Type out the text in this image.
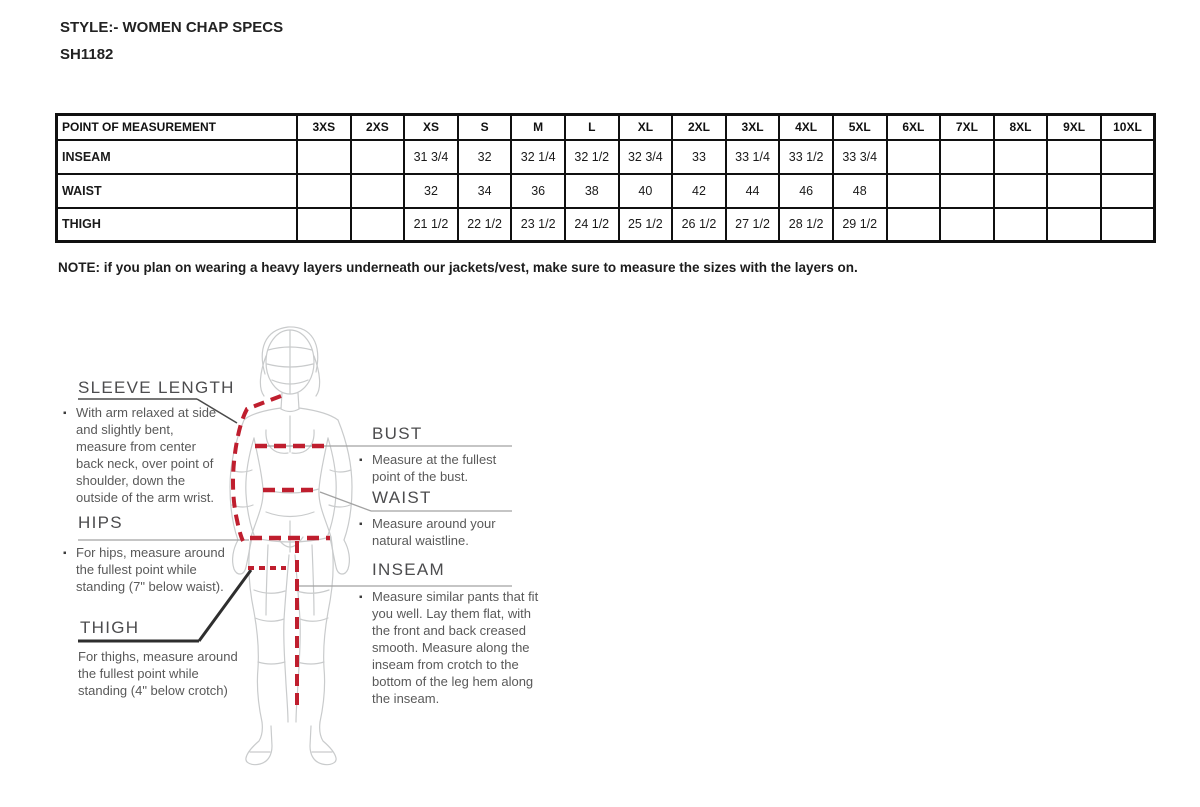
STYLE:- WOMEN CHAP SPECS
SH1182
POINT OF MEASUREMENT	3XS	2XS	XS	S	M	L	XL	2XL	3XL	4XL	5XL	6XL	7XL	8XL	9XL	10XL
INSEAM			31 3/4	32	32 1/4	32 1/2	32 3/4	33	33 1/4	33 1/2	33 3/4					
WAIST			32	34	36	38	40	42	44	46	48					
THIGH			21 1/2	22 1/2	23 1/2	24 1/2	25 1/2	26 1/2	27 1/2	28 1/2	29 1/2					
NOTE: if you plan on wearing a heavy layers underneath our jackets/vest, make sure to measure the sizes with the layers on.
SLEEVE LENGTH
▪ With arm relaxed at side and slightly bent, measure from center back neck, over point of shoulder, down the outside of the arm wrist.
HIPS
▪ For hips, measure around the fullest point while standing (7" below waist).
THIGH
For thighs, measure around the fullest point while standing (4" below crotch)
BUST
▪ Measure at the fullest point of the bust.
WAIST
▪ Measure around your natural waistline.
INSEAM
▪ Measure similar pants that fit you well. Lay them flat, with the front and back creased smooth. Measure along the inseam from crotch to the bottom of the leg hem along the inseam.
